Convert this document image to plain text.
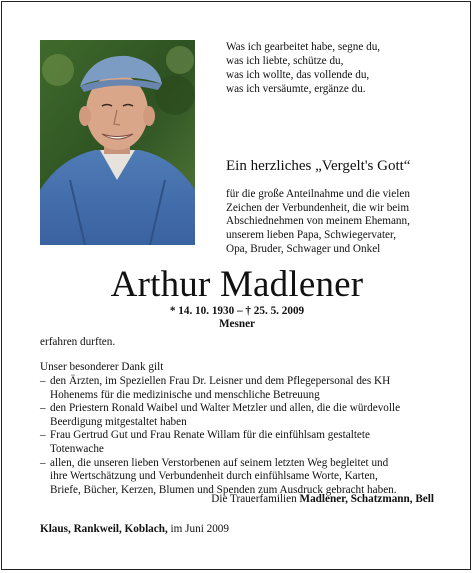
Was ich gearbeitet habe, segne du,
was ich liebte, schütze du,
was ich wollte, das vollende du,
was ich versäumte, ergänze du.
Ein herzliches „Vergelt's Gott“
für die große Anteilnahme und die vielen
Zeichen der Verbundenheit, die wir beim
Abschiednehmen von meinem Ehemann,
unserem lieben Papa, Schwiegervater,
Opa, Bruder, Schwager und Onkel
Arthur Madlener
* 14. 10. 1930 – † 25. 5. 2009
Mesner
erfahren durften.
Unser besonderer Dank gilt
– den Ärzten, im Speziellen Frau Dr. Leisner und dem Pflegepersonal des KH
Hohenems für die medizinische und menschliche Betreuung
– den Priestern Ronald Waibel und Walter Metzler und allen, die die würdevolle
Beerdigung mitgestaltet haben
– Frau Gertrud Gut und Frau Renate Willam für die einfühlsam gestaltete
Totenwache
– allen, die unseren lieben Verstorbenen auf seinem letzten Weg begleitet und
ihre Wertschätzung und Verbundenheit durch einfühlsame Worte, Karten,
Briefe, Bücher, Kerzen, Blumen und Spenden zum Ausdruck gebracht haben.
Die Trauerfamilien Madlener, Schatzmann, Bell
Klaus, Rankweil, Koblach, im Juni 2009
